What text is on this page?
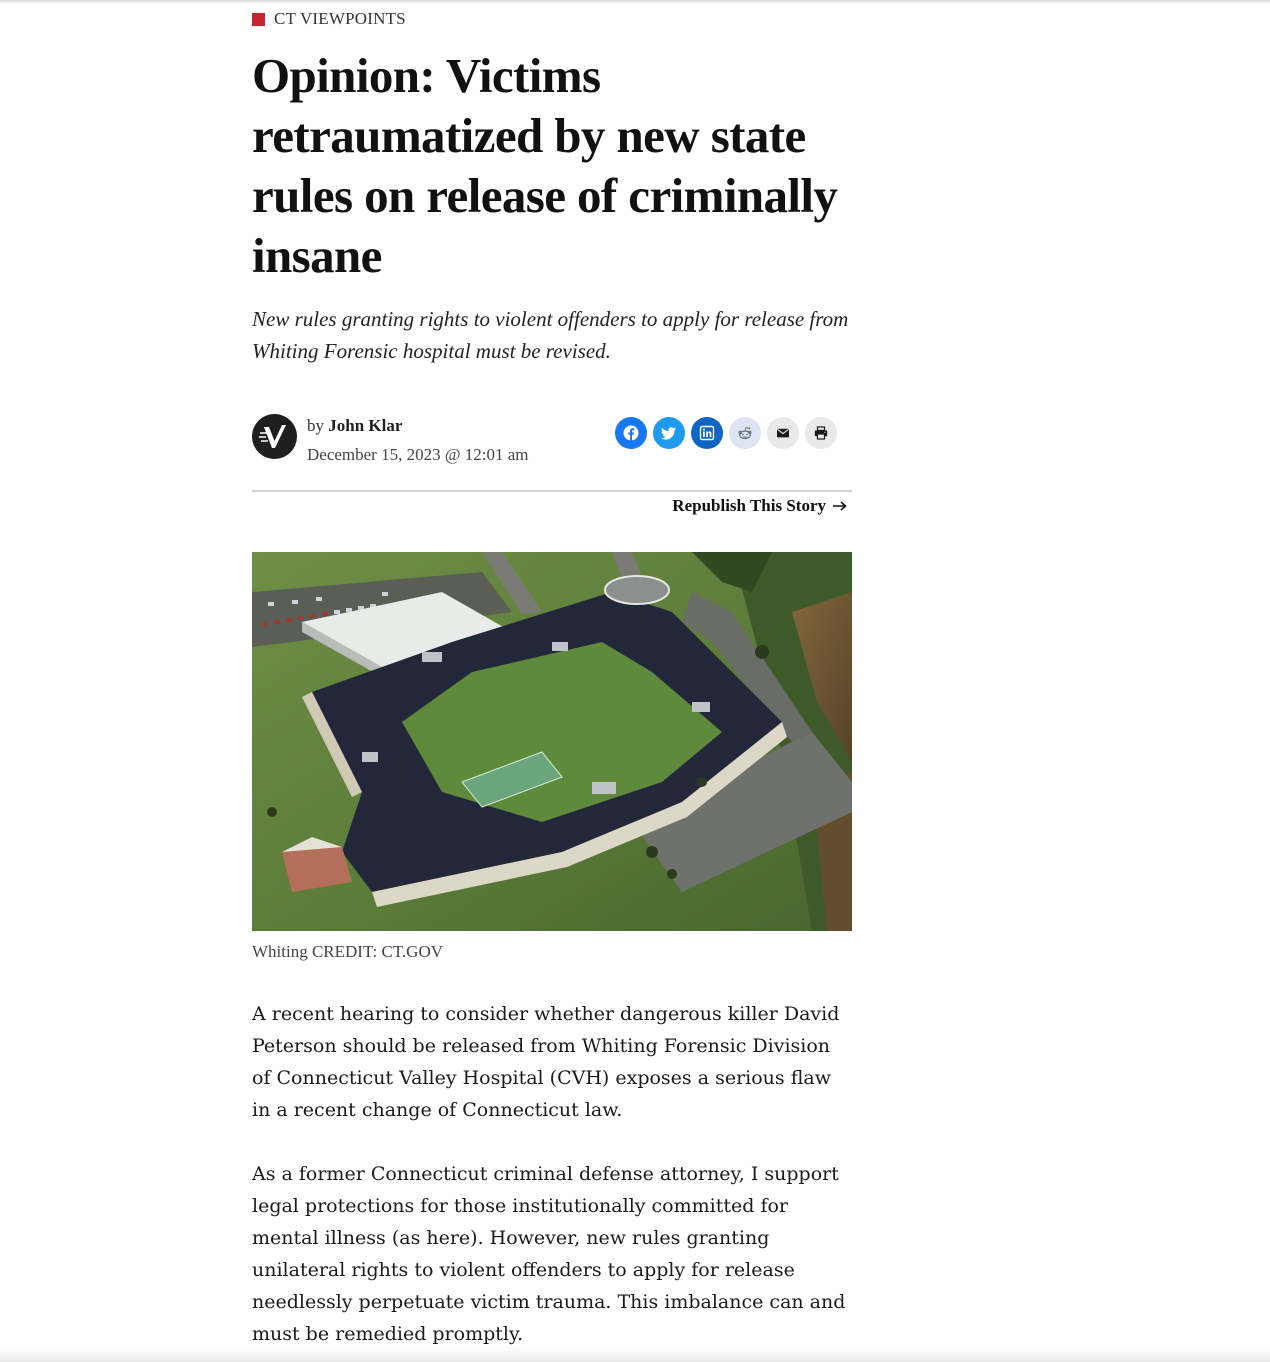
CT VIEWPOINTS
Opinion: Victims retraumatized by new state rules on release of criminally insane

New rules granting rights to violent offenders to apply for release from Whiting Forensic hospital must be revised.

by John Klar
December 15, 2023 @ 12:01 am
Republish This Story
Whiting CREDIT: CT.GOV

A recent hearing to consider whether dangerous killer David Peterson should be released from Whiting Forensic Division of Connecticut Valley Hospital (CVH) exposes a serious flaw in a recent change of Connecticut law.

As a former Connecticut criminal defense attorney, I support legal protections for those institutionally committed for mental illness (as here). However, new rules granting unilateral rights to violent offenders to apply for release needlessly perpetuate victim trauma. This imbalance can and must be remedied promptly.
